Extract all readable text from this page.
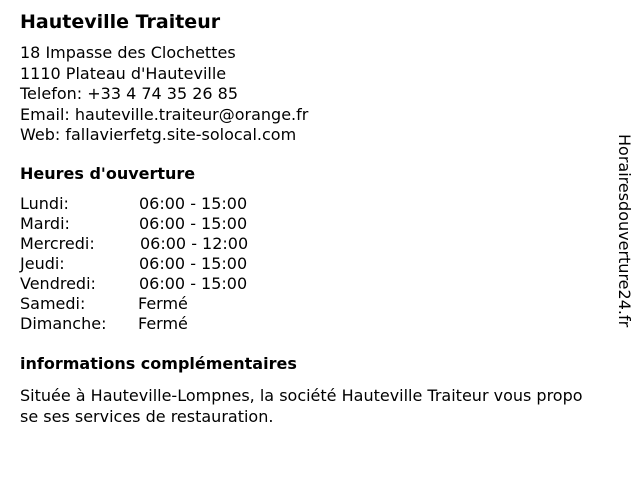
Hauteville Traiteur
18 Impasse des Clochettes
1110 Plateau d'Hauteville
Telefon: +33 4 74 35 26 85
Email: hauteville.traiteur@orange.fr
Web: fallavierfetg.site-solocal.com
Heures d'ouverture
Lundi:	06:00 - 15:00
Mardi:	06:00 - 15:00
Mercredi:	06:00 - 12:00
Jeudi:	06:00 - 15:00
Vendredi:	06:00 - 15:00
Samedi:	Fermé
Dimanche: Fermé
informations complémentaires
Située à Hauteville-Lompnes, la société Hauteville Traiteur vous propo
se ses services de restauration.
Horairesdouverture24.fr
